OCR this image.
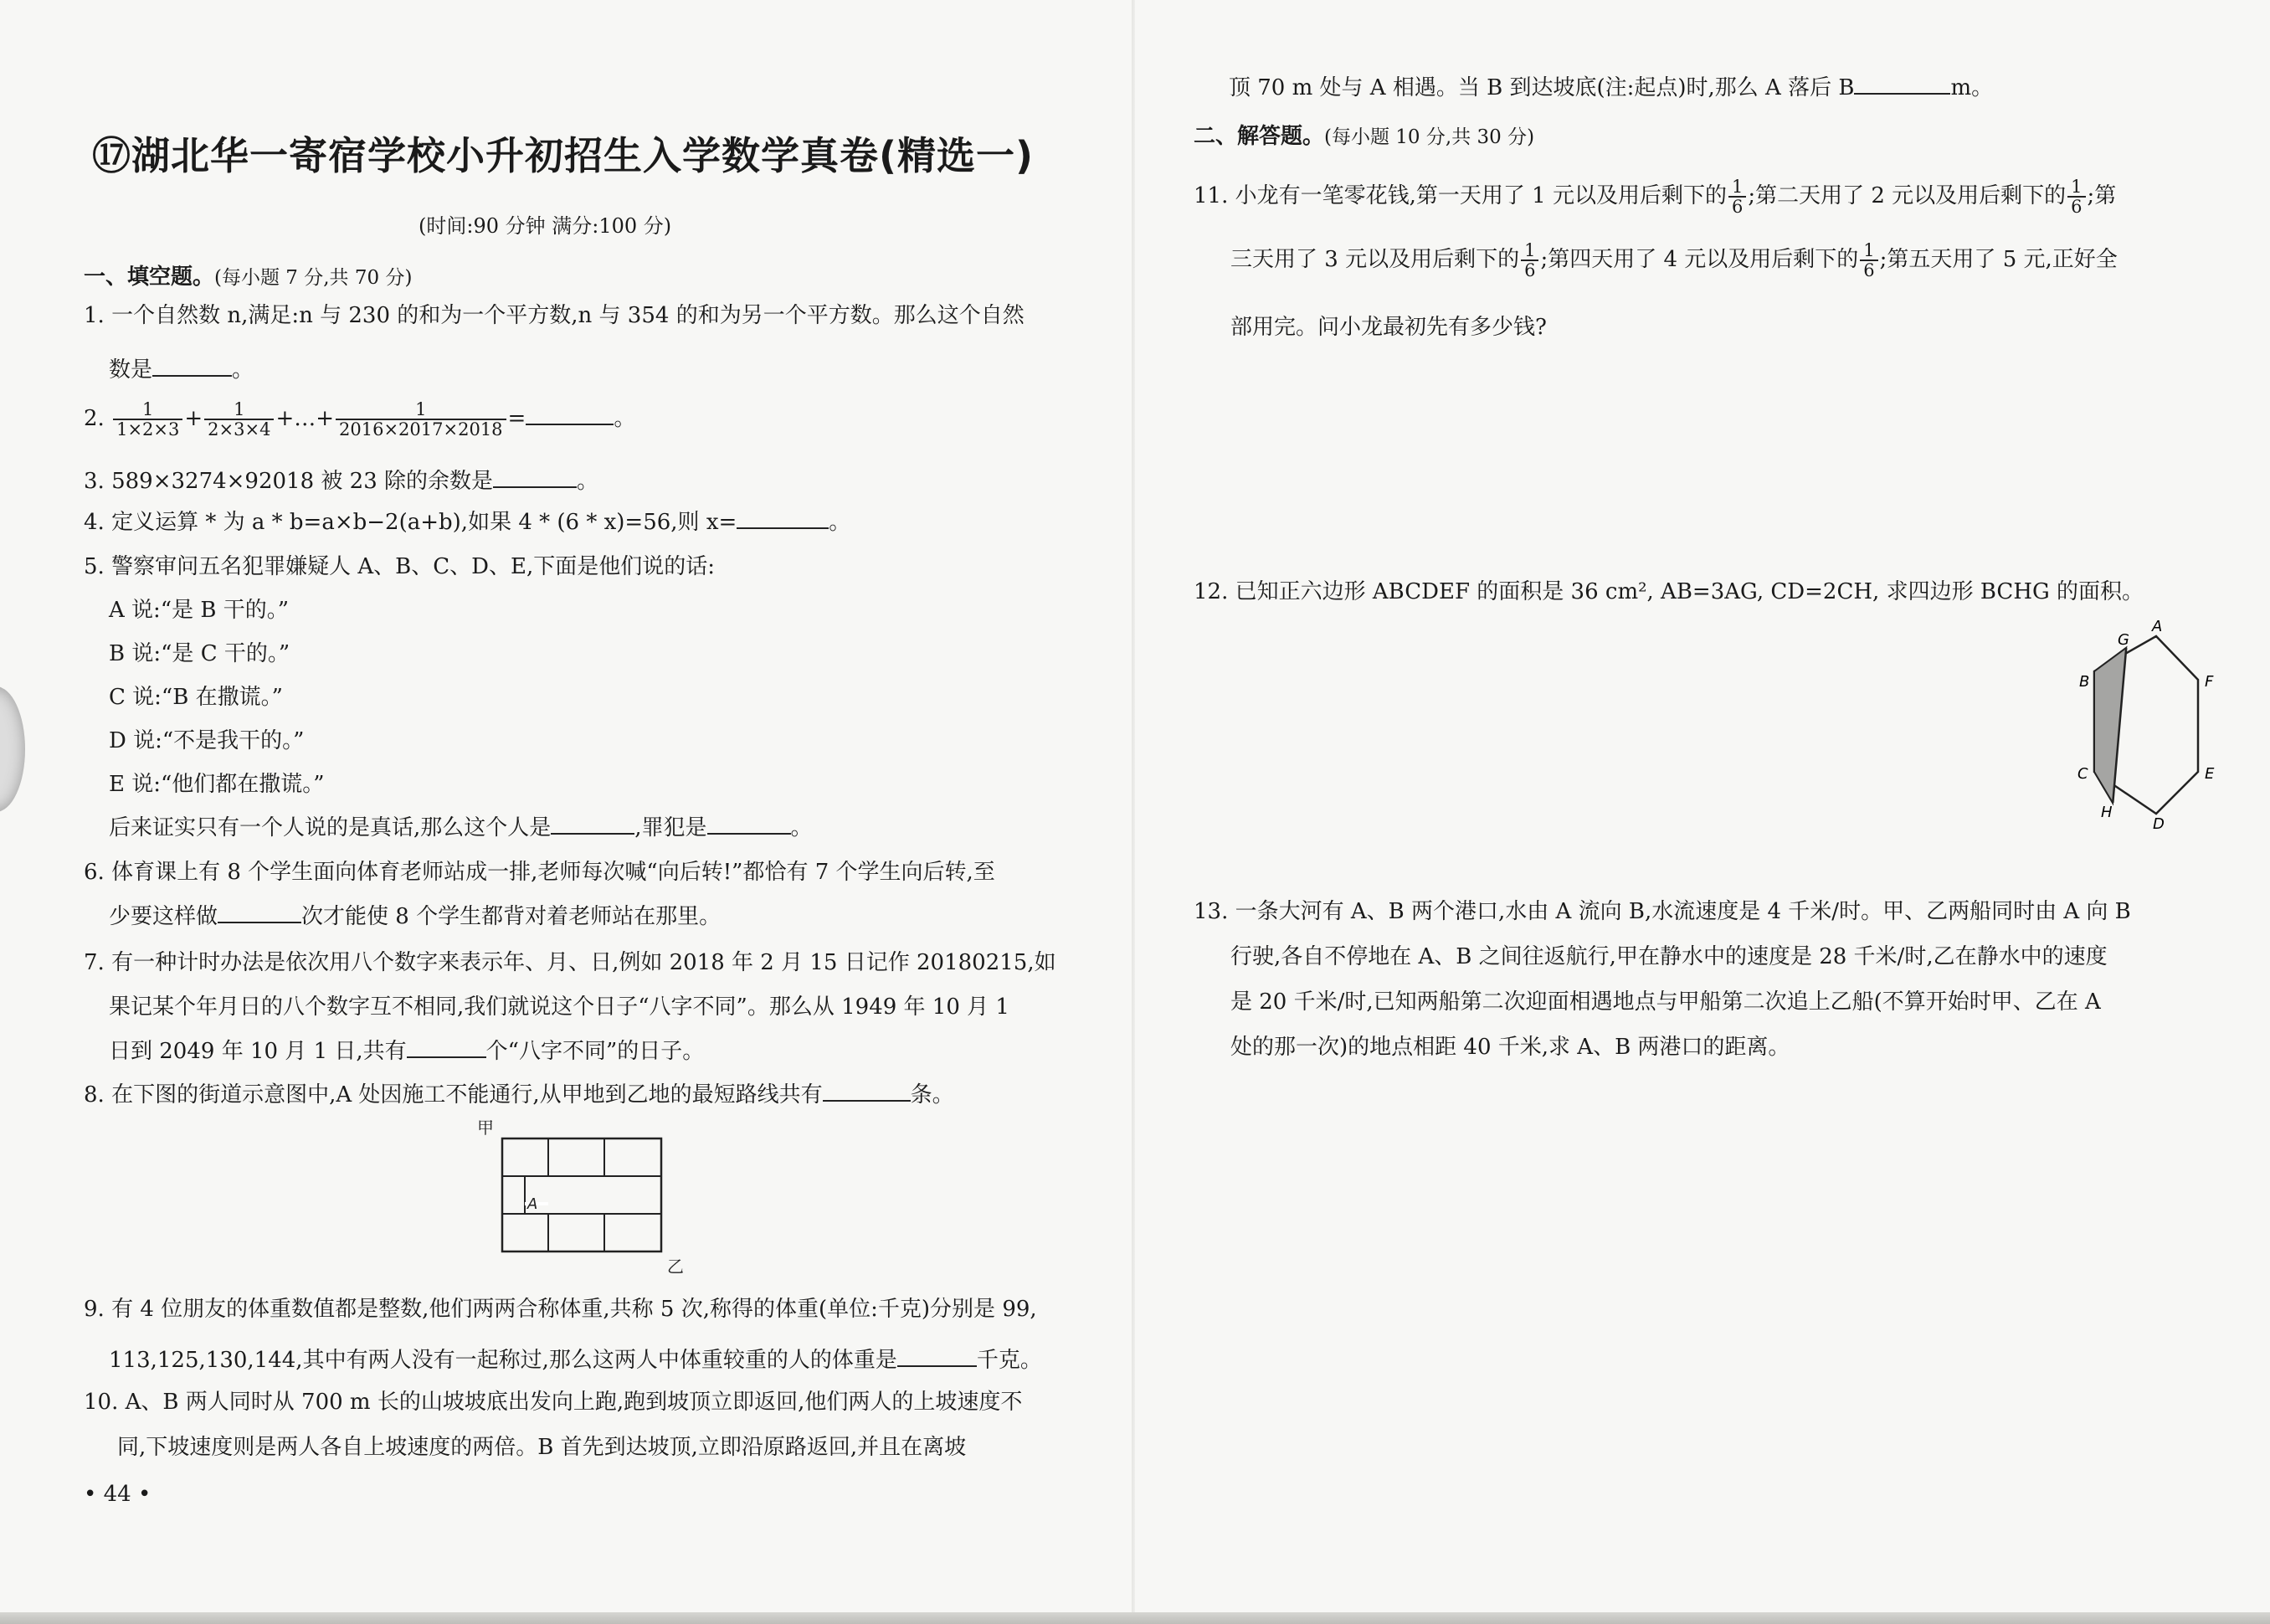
⑰湖北华一寄宿学校小升初招生入学数学真卷(精选一)
(时间:90 分钟 满分:100 分)
一、填空题。(每小题 7 分,共 70 分)
1. 一个自然数 n,满足:n 与 230 的和为一个平方数,n 与 354 的和为另一个平方数。那么这个自然
数是	。
2. $\frac{1}{1\times 2\times 3} + \frac{1}{2\times 3\times 4}$ +…+ $\frac{1}{2016\times 2017\times 2018}$ =	。
3. 589×3274×92018 被 23 除的余数是	。
4. 定义运算 * 为 a * b=a×b−2(a+b),如果 4 * (6 * x)=56,则 x=	。
5. 警察审问五名犯罪嫌疑人 A、B、C、D、E,下面是他们说的话:
A 说:“是 B 干的。”
B 说:“是 C 干的。”
C 说:“B 在撒谎。”
D 说:“不是我干的。”
E 说:“他们都在撒谎。”
后来证实只有一个人说的是真话,那么这个人是	,罪犯是	。
6. 体育课上有 8 个学生面向体育老师站成一排,老师每次喊“向后转!”都恰有 7 个学生向后转,至
少要这样做	次才能使 8 个学生都背对着老师站在那里。
7. 有一种计时办法是依次用八个数字来表示年、月、日,例如 2018 年 2 月 15 日记作 20180215,如
果记某个年月日的八个数字互不相同,我们就说这个日子“八字不同”。那么从 1949 年 10 月 1
日到 2049 年 10 月 1 日,共有	个“八字不同”的日子。
8. 在下图的街道示意图中,A 处因施工不能通行,从甲地到乙地的最短路线共有	条。
甲
A
乙
9. 有 4 位朋友的体重数值都是整数,他们两两合称体重,共称 5 次,称得的体重(单位:千克)分别是 99,
113,125,130,144,其中有两人没有一起称过,那么这两人中体重较重的人的体重是	千克。
10. A、B 两人同时从 700 m 长的山坡坡底出发向上跑,跑到坡顶立即返回,他们两人的上坡速度不
同,下坡速度则是两人各自上坡速度的两倍。B 首先到达坡顶,立即沿原路返回,并且在离坡
• 44 •
顶 70 m 处与 A 相遇。当 B 到达坡底(注:起点)时,那么 A 落后 B	m。
二、解答题。(每小题 10 分,共 30 分)
11. 小龙有一笔零花钱,第一天用了 1 元以及用后剩下的 $\frac{1}{6}$ ;第二天用了 2 元以及用后剩下的 $\frac{1}{6}$ ;第
三天用了 3 元以及用后剩下的 $\frac{1}{6}$ ;第四天用了 4 元以及用后剩下的 $\frac{1}{6}$ ;第五天用了 5 元,正好全
部用完。问小龙最初先有多少钱?
12. 已知正六边形 ABCDEF 的面积是 36 cm², AB=3AG, CD=2CH, 求四边形 BCHG 的面积。
A
B
C
D
E
F
G
H
13. 一条大河有 A、B 两个港口,水由 A 流向 B,水流速度是 4 千米/时。甲、乙两船同时由 A 向 B
行驶,各自不停地在 A、B 之间往返航行,甲在静水中的速度是 28 千米/时,乙在静水中的速度
是 20 千米/时,已知两船第二次迎面相遇地点与甲船第二次追上乙船(不算开始时甲、乙在 A
处的那一次)的地点相距 40 千米,求 A、B 两港口的距离。
